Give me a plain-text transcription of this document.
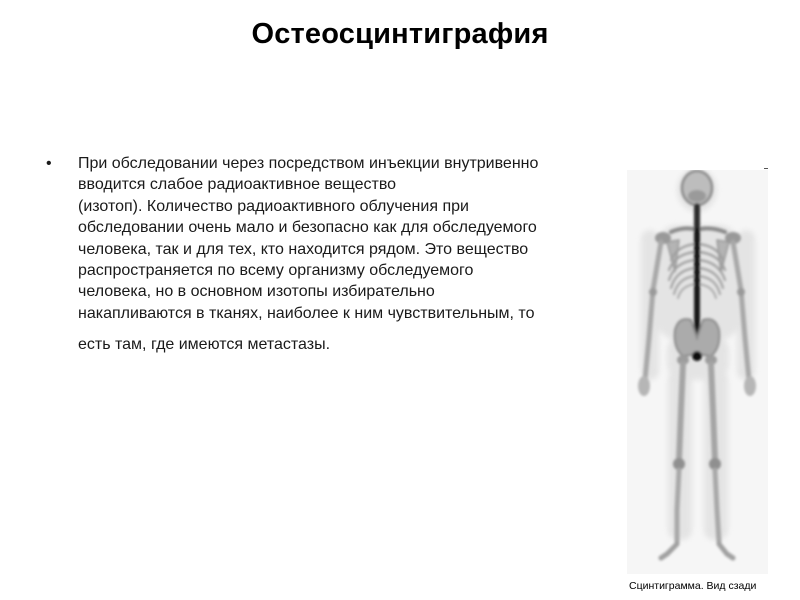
Остеосцинтиграфия
• При обследовании через посредством инъекции внутривенно
вводится слабое радиоактивное вещество
(изотоп). Количество радиоактивного облучения при
обследовании очень мало и безопасно как для обследуемого
человека, так и для тех, кто находится рядом. Это вещество
распространяется по всему организму обследуемого
человека, но в основном изотопы избирательно
накапливаются в тканях, наиболее к ним чувствительным, то
есть там, где имеются метастазы.
Сцинтиграмма. Вид сзади
